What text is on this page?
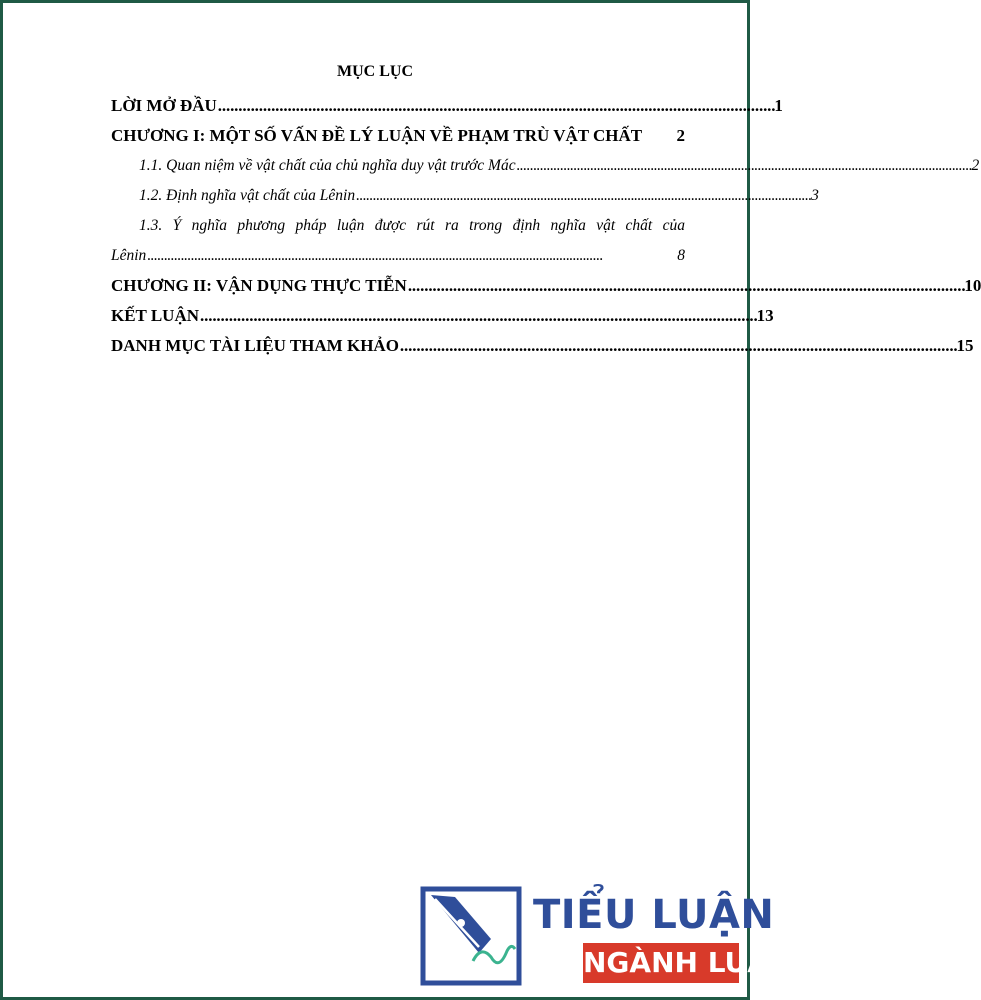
MỤC LỤC
LỜI MỞ ĐẦU . . .	1
CHƯƠNG I: MỘT SỐ VẤN ĐỀ LÝ LUẬN VỀ PHẠM TRÙ VẬT CHẤT 2
1.1. Quan niệm về vật chất của chủ nghĩa duy vật trước Mác . . .	2
1.2. Định nghĩa vật chất của Lênin . . .	3
1.3. Ý nghĩa phương pháp luận được rút ra trong định nghĩa vật chất của
Lênin . . .	8
CHƯƠNG II: VẬN DỤNG THỰC TIỄN . . .	10
KẾT LUẬN . . .	13
DANH MỤC TÀI LIỆU THAM KHẢO . . .	15
TIỂU LUẬN
NGÀNH LUẬT
